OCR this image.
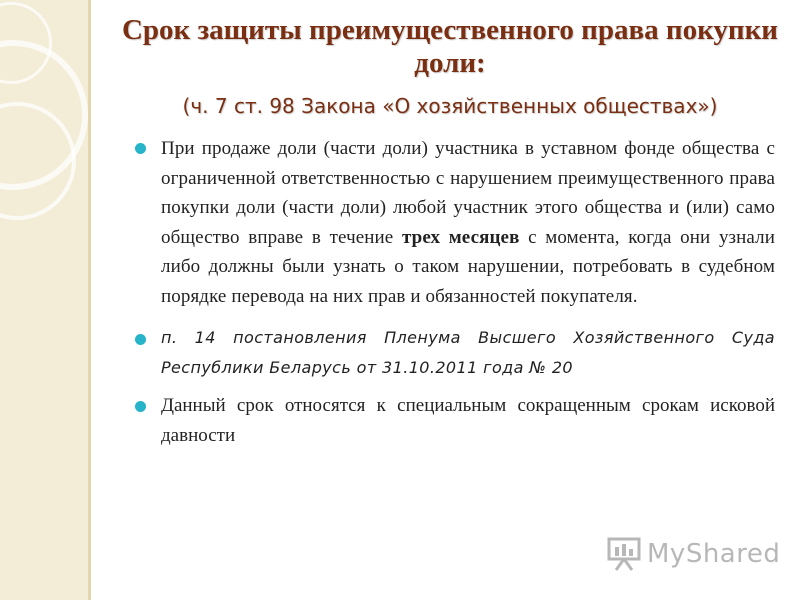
Срок защиты преимущественного права покупки доли:
(ч. 7 ст. 98 Закона «О хозяйственных обществах»)
При продаже доли (части доли) участника в уставном фонде общества с ограниченной ответственностью с нарушением преимущественного права покупки доли (части доли) любой участник этого общества и (или) само общество вправе в течение трех месяцев с момента, когда они узнали либо должны были узнать о таком нарушении, потребовать в судебном порядке перевода на них прав и обязанностей покупателя.
п. 14 постановления Пленума Высшего Хозяйственного Суда Республики Беларусь от 31.10.2011 года № 20
Данный срок относятся к специальным сокращенным срокам исковой давности
MyShared
